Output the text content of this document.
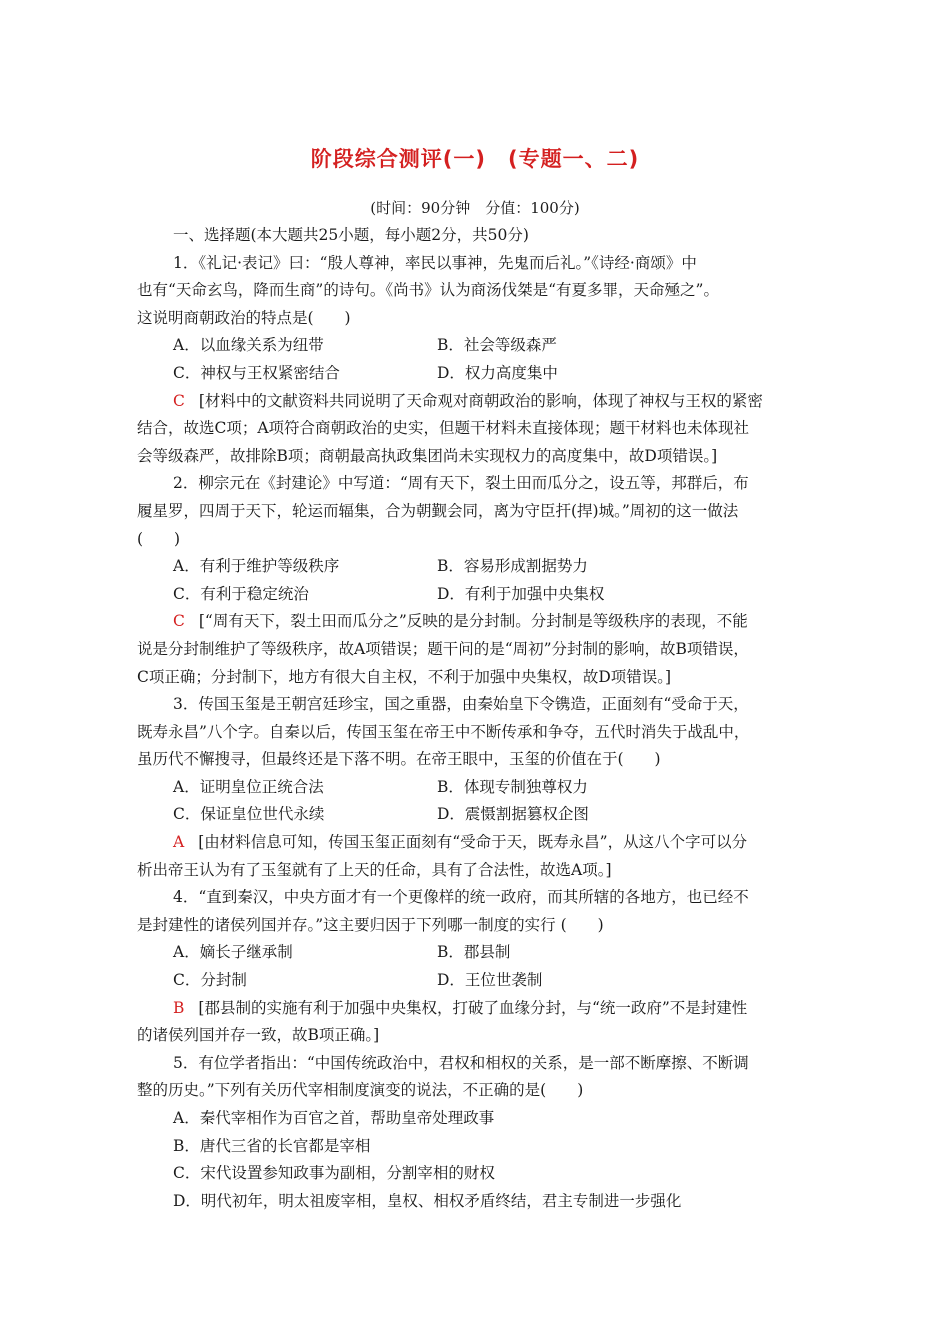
阶段综合测评(一)　(专题一、二)
(时间：90分钟　分值：100分)
一、选择题(本大题共25小题，每小题2分，共50分)
1．《礼记·表记》曰：“殷人尊神，率民以事神，先鬼而后礼。”《诗经·商颂》中
也有“天命玄鸟，降而生商”的诗句。《尚书》认为商汤伐桀是“有夏多罪，天命殛之”。
这说明商朝政治的特点是(　　)
A．以血缘关系为纽带	B．社会等级森严
C．神权与王权紧密结合	D．权力高度集中
C [材料中的文献资料共同说明了天命观对商朝政治的影响，体现了神权与王权的紧密
结合，故选C项；A项符合商朝政治的史实，但题干材料未直接体现；题干材料也未体现社
会等级森严，故排除B项；商朝最高执政集团尚未实现权力的高度集中，故D项错误。]
2．柳宗元在《封建论》中写道：“周有天下，裂土田而瓜分之，设五等，邦群后，布
履星罗，四周于天下，轮运而辐集，合为朝觐会同，离为守臣扞(捍)城。”周初的这一做法
(　　)
A．有利于维护等级秩序	B．容易形成割据势力
C．有利于稳定统治	D．有利于加强中央集权
C [“周有天下，裂土田而瓜分之”反映的是分封制。分封制是等级秩序的表现，不能
说是分封制维护了等级秩序，故A项错误；题干问的是“周初”分封制的影响，故B项错误，
C项正确；分封制下，地方有很大自主权，不利于加强中央集权，故D项错误。]
3．传国玉玺是王朝宫廷珍宝，国之重器，由秦始皇下令镌造，正面刻有“受命于天，
既寿永昌”八个字。自秦以后，传国玉玺在帝王中不断传承和争夺，五代时消失于战乱中，
虽历代不懈搜寻，但最终还是下落不明。在帝王眼中，玉玺的价值在于(　　)
A．证明皇位正统合法	B．体现专制独尊权力
C．保证皇位世代永续	D．震慑割据篡权企图
A [由材料信息可知，传国玉玺正面刻有“受命于天，既寿永昌”，从这八个字可以分
析出帝王认为有了玉玺就有了上天的任命，具有了合法性，故选A项。]
4．“直到秦汉，中央方面才有一个更像样的统一政府，而其所辖的各地方，也已经不
是封建性的诸侯列国并存。”这主要归因于下列哪一制度的实行 (　　)
A．嫡长子继承制	B．郡县制
C．分封制	D．王位世袭制
B [郡县制的实施有利于加强中央集权，打破了血缘分封，与“统一政府”不是封建性
的诸侯列国并存一致，故B项正确。]
5．有位学者指出：“中国传统政治中，君权和相权的关系，是一部不断摩擦、不断调
整的历史。”下列有关历代宰相制度演变的说法，不正确的是(　　)
A．秦代宰相作为百官之首，帮助皇帝处理政事
B．唐代三省的长官都是宰相
C．宋代设置参知政事为副相，分割宰相的财权
D．明代初年，明太祖废宰相，皇权、相权矛盾终结，君主专制进一步强化
